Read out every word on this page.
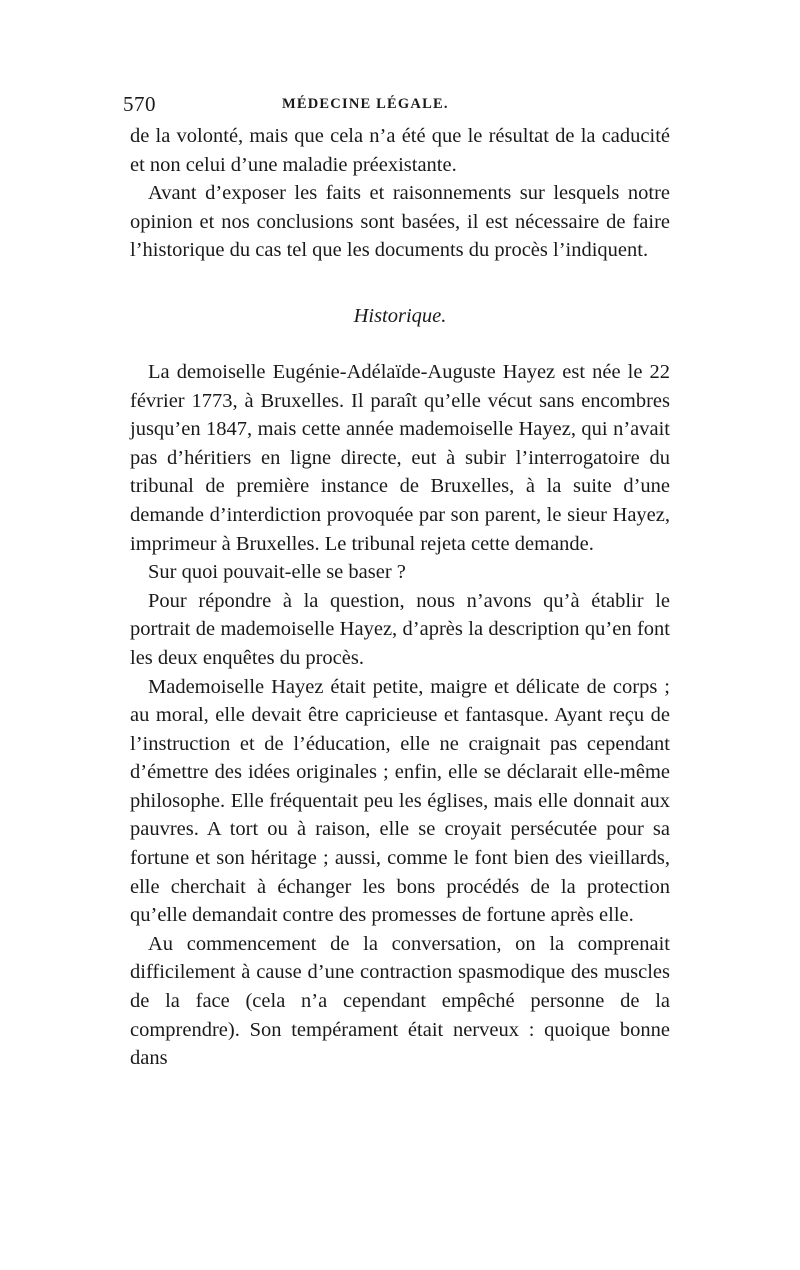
570	MÉDECINE LÉGALE.

de la volonté, mais que cela n’a été que le résultat de la caducité et non celui d’une maladie préexistante.

Avant d’exposer les faits et raisonnements sur lesquels notre opinion et nos conclusions sont basées, il est nécessaire de faire l’historique du cas tel que les documents du procès l’indiquent.

Historique.

La demoiselle Eugénie-Adélaïde-Auguste Hayez est née le 22 février 1773, à Bruxelles. Il paraît qu’elle vécut sans encombres jusqu’en 1847, mais cette année mademoiselle Hayez, qui n’avait pas d’héritiers en ligne directe, eut à subir l’interrogatoire du tribunal de première instance de Bruxelles, à la suite d’une demande d’interdiction provoquée par son parent, le sieur Hayez, imprimeur à Bruxelles. Le tribunal rejeta cette demande.

Sur quoi pouvait-elle se baser ?

Pour répondre à la question, nous n’avons qu’à établir le portrait de mademoiselle Hayez, d’après la description qu’en font les deux enquêtes du procès.

Mademoiselle Hayez était petite, maigre et délicate de corps ; au moral, elle devait être capricieuse et fantasque. Ayant reçu de l’instruction et de l’éducation, elle ne craignait pas cependant d’émettre des idées originales ; enfin, elle se déclarait elle-même philosophe. Elle fréquentait peu les églises, mais elle donnait aux pauvres. A tort ou à raison, elle se croyait persécutée pour sa fortune et son héritage ; aussi, comme le font bien des vieillards, elle cherchait à échanger les bons procédés de la protection qu’elle demandait contre des promesses de fortune après elle.

Au commencement de la conversation, on la comprenait difficilement à cause d’une contraction spasmodique des muscles de la face (cela n’a cependant empêché personne de la comprendre). Son tempérament était nerveux : quoique bonne dans
